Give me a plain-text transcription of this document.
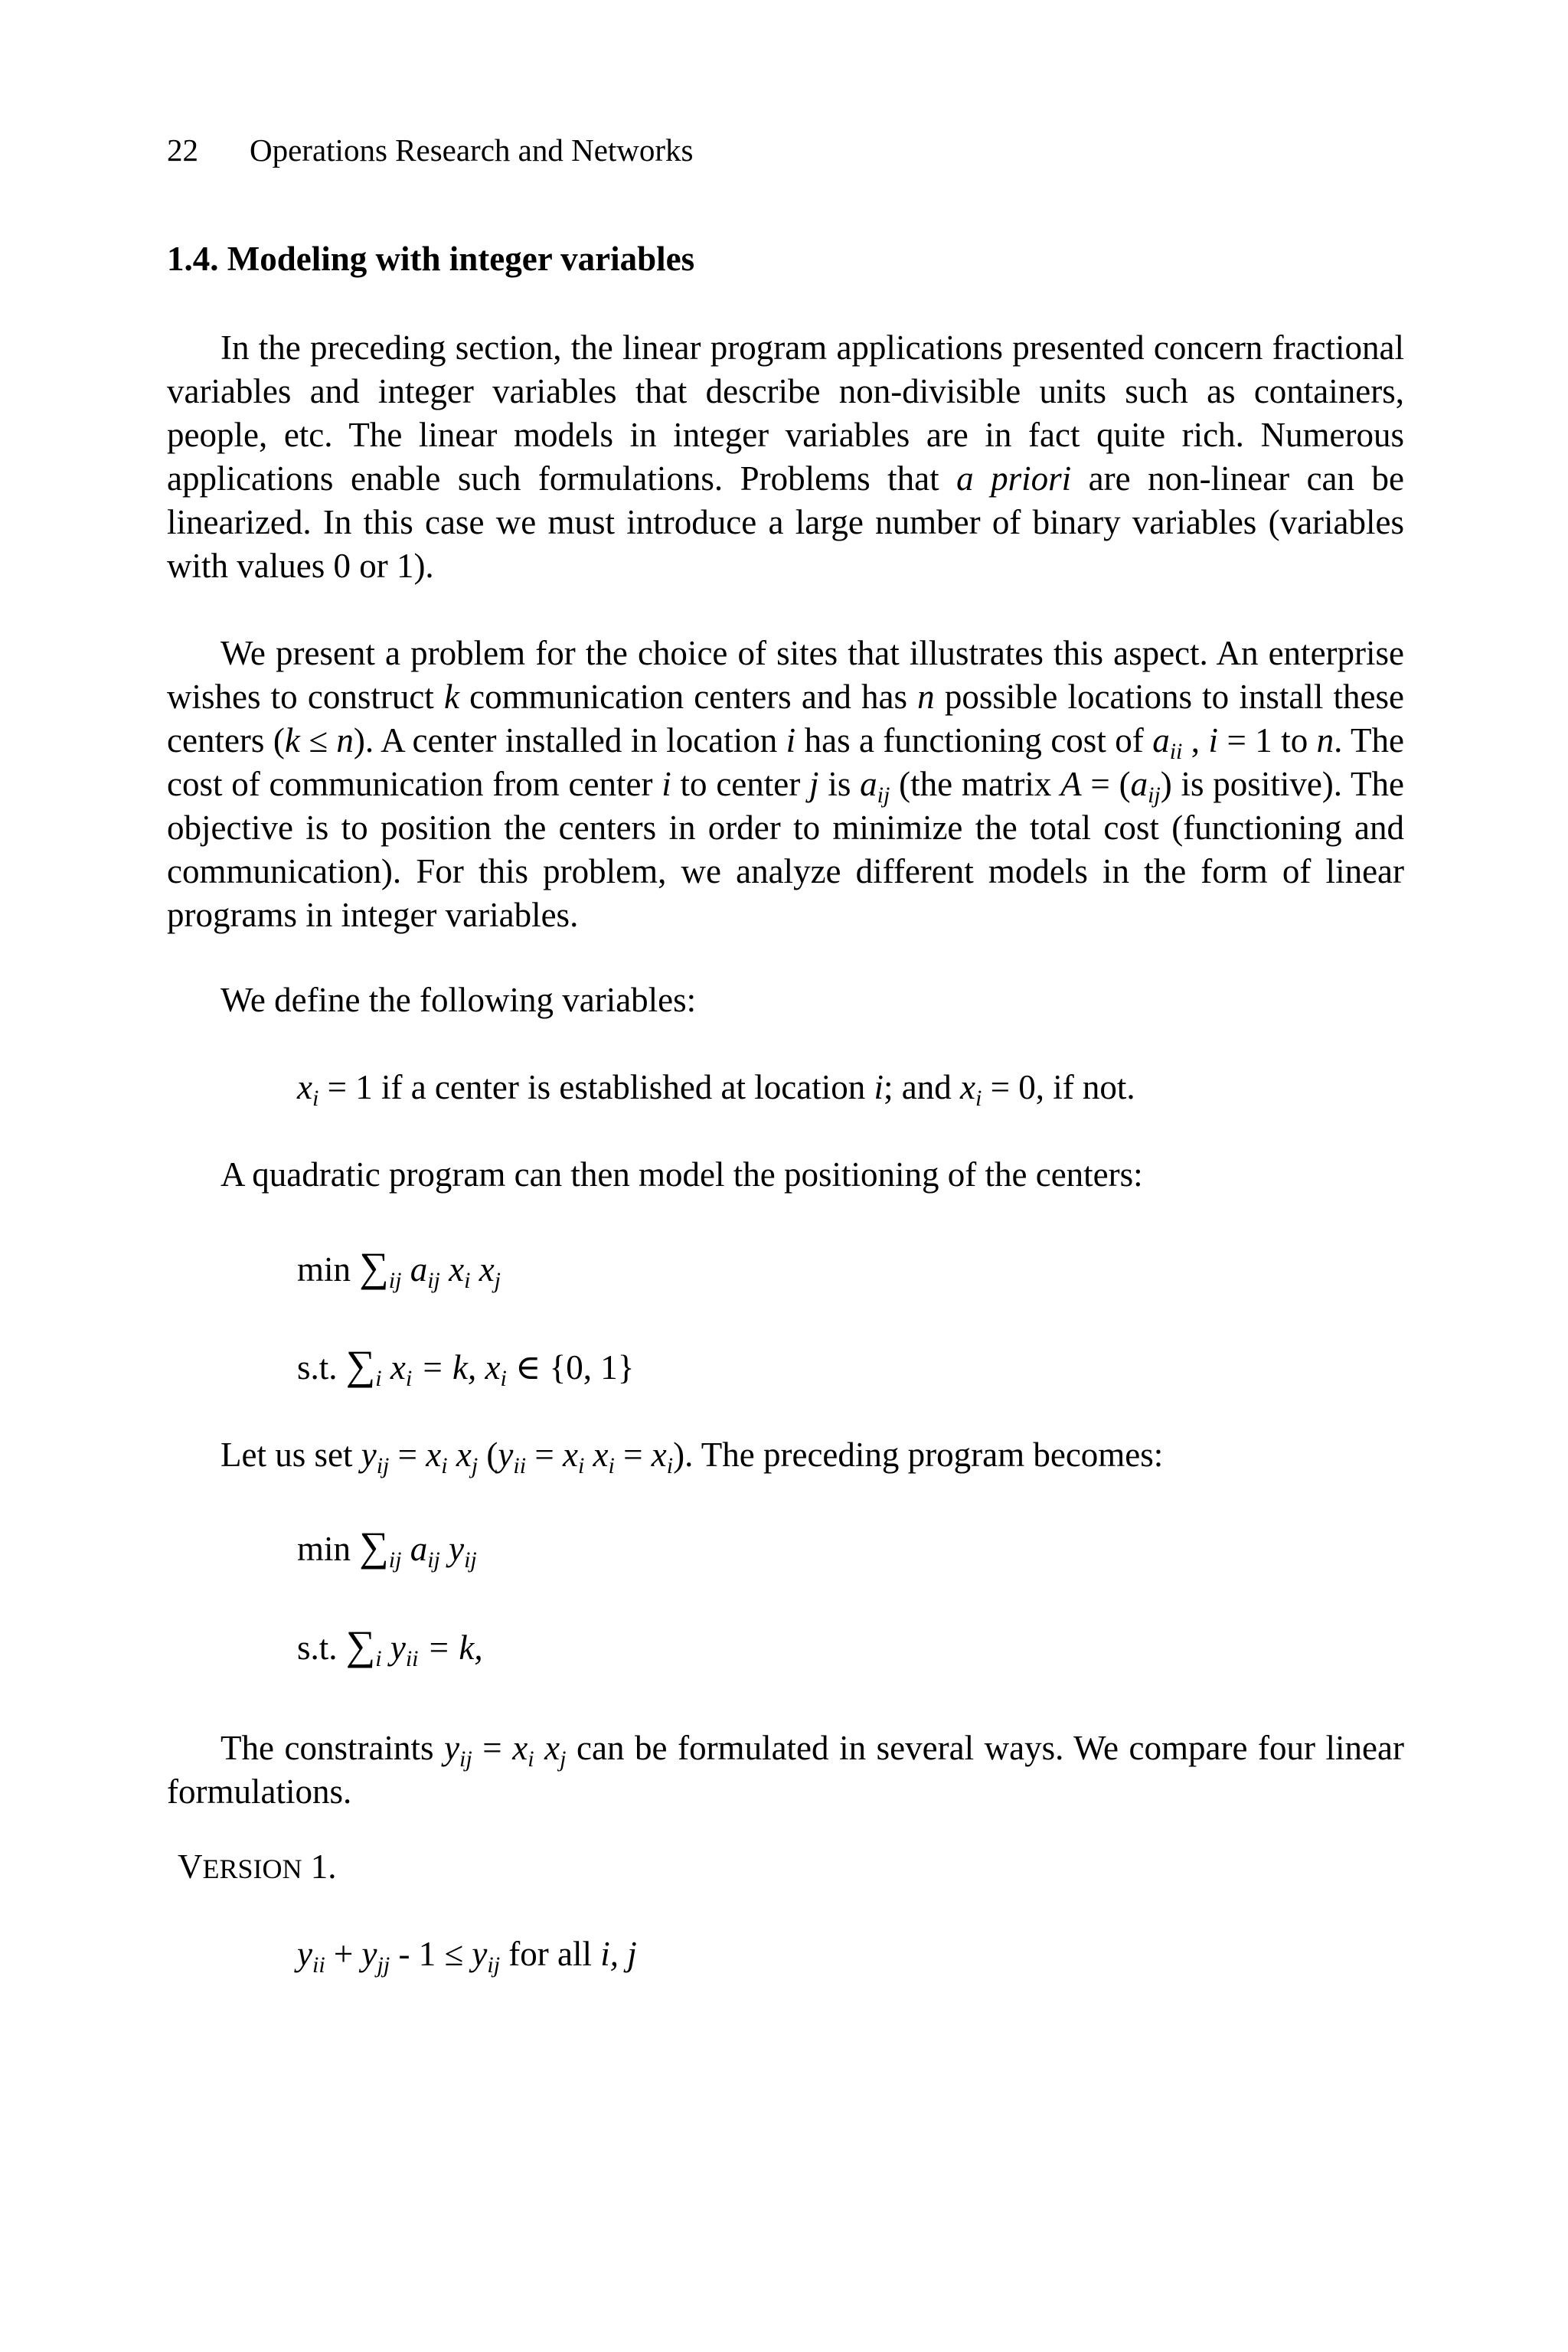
22 Operations Research and Networks
1.4. Modeling with integer variables
In the preceding section, the linear program applications presented concern fractional variables and integer variables that describe non-divisible units such as containers, people, etc. The linear models in integer variables are in fact quite rich. Numerous applications enable such formulations. Problems that a priori are non-linear can be linearized. In this case we must introduce a large number of binary variables (variables with values 0 or 1).
We present a problem for the choice of sites that illustrates this aspect. An enterprise wishes to construct k communication centers and has n possible locations to install these centers (k ≤ n). A center installed in location i has a functioning cost of $a_{ii}$ , i = 1 to n. The cost of communication from center i to center j is $a_{ij}$ (the matrix $A = (a_{ij})$ is positive). The objective is to position the centers in order to minimize the total cost (functioning and communication). For this problem, we analyze different models in the form of linear programs in integer variables.
We define the following variables:
$x_i = 1$ if a center is established at location i; and $x_i = 0$, if not.
A quadratic program can then model the positioning of the centers:
$\min \sum_{ij}$ $a_{ij}$ $x_i$ $x_j$
s.t. $\sum_i$ $x_i = k$, $x_i$ ∈ {0, 1}
Let us set $y_{ij} = x_i$ $x_j$ ($y_{ii} = x_i$ $x_i = x_i$). The preceding program becomes:
$\min \sum_{ij}$ $a_{ij}$ $y_{ij}$
s.t. $\sum_i$ $y_{ii} = k$,
The constraints $y_{ij} = x_i$ $x_j$ can be formulated in several ways. We compare four linear formulations.
VERSION 1.
$y_{ii} + y_{jj} - 1 \le y_{ij}$ for all i, j
